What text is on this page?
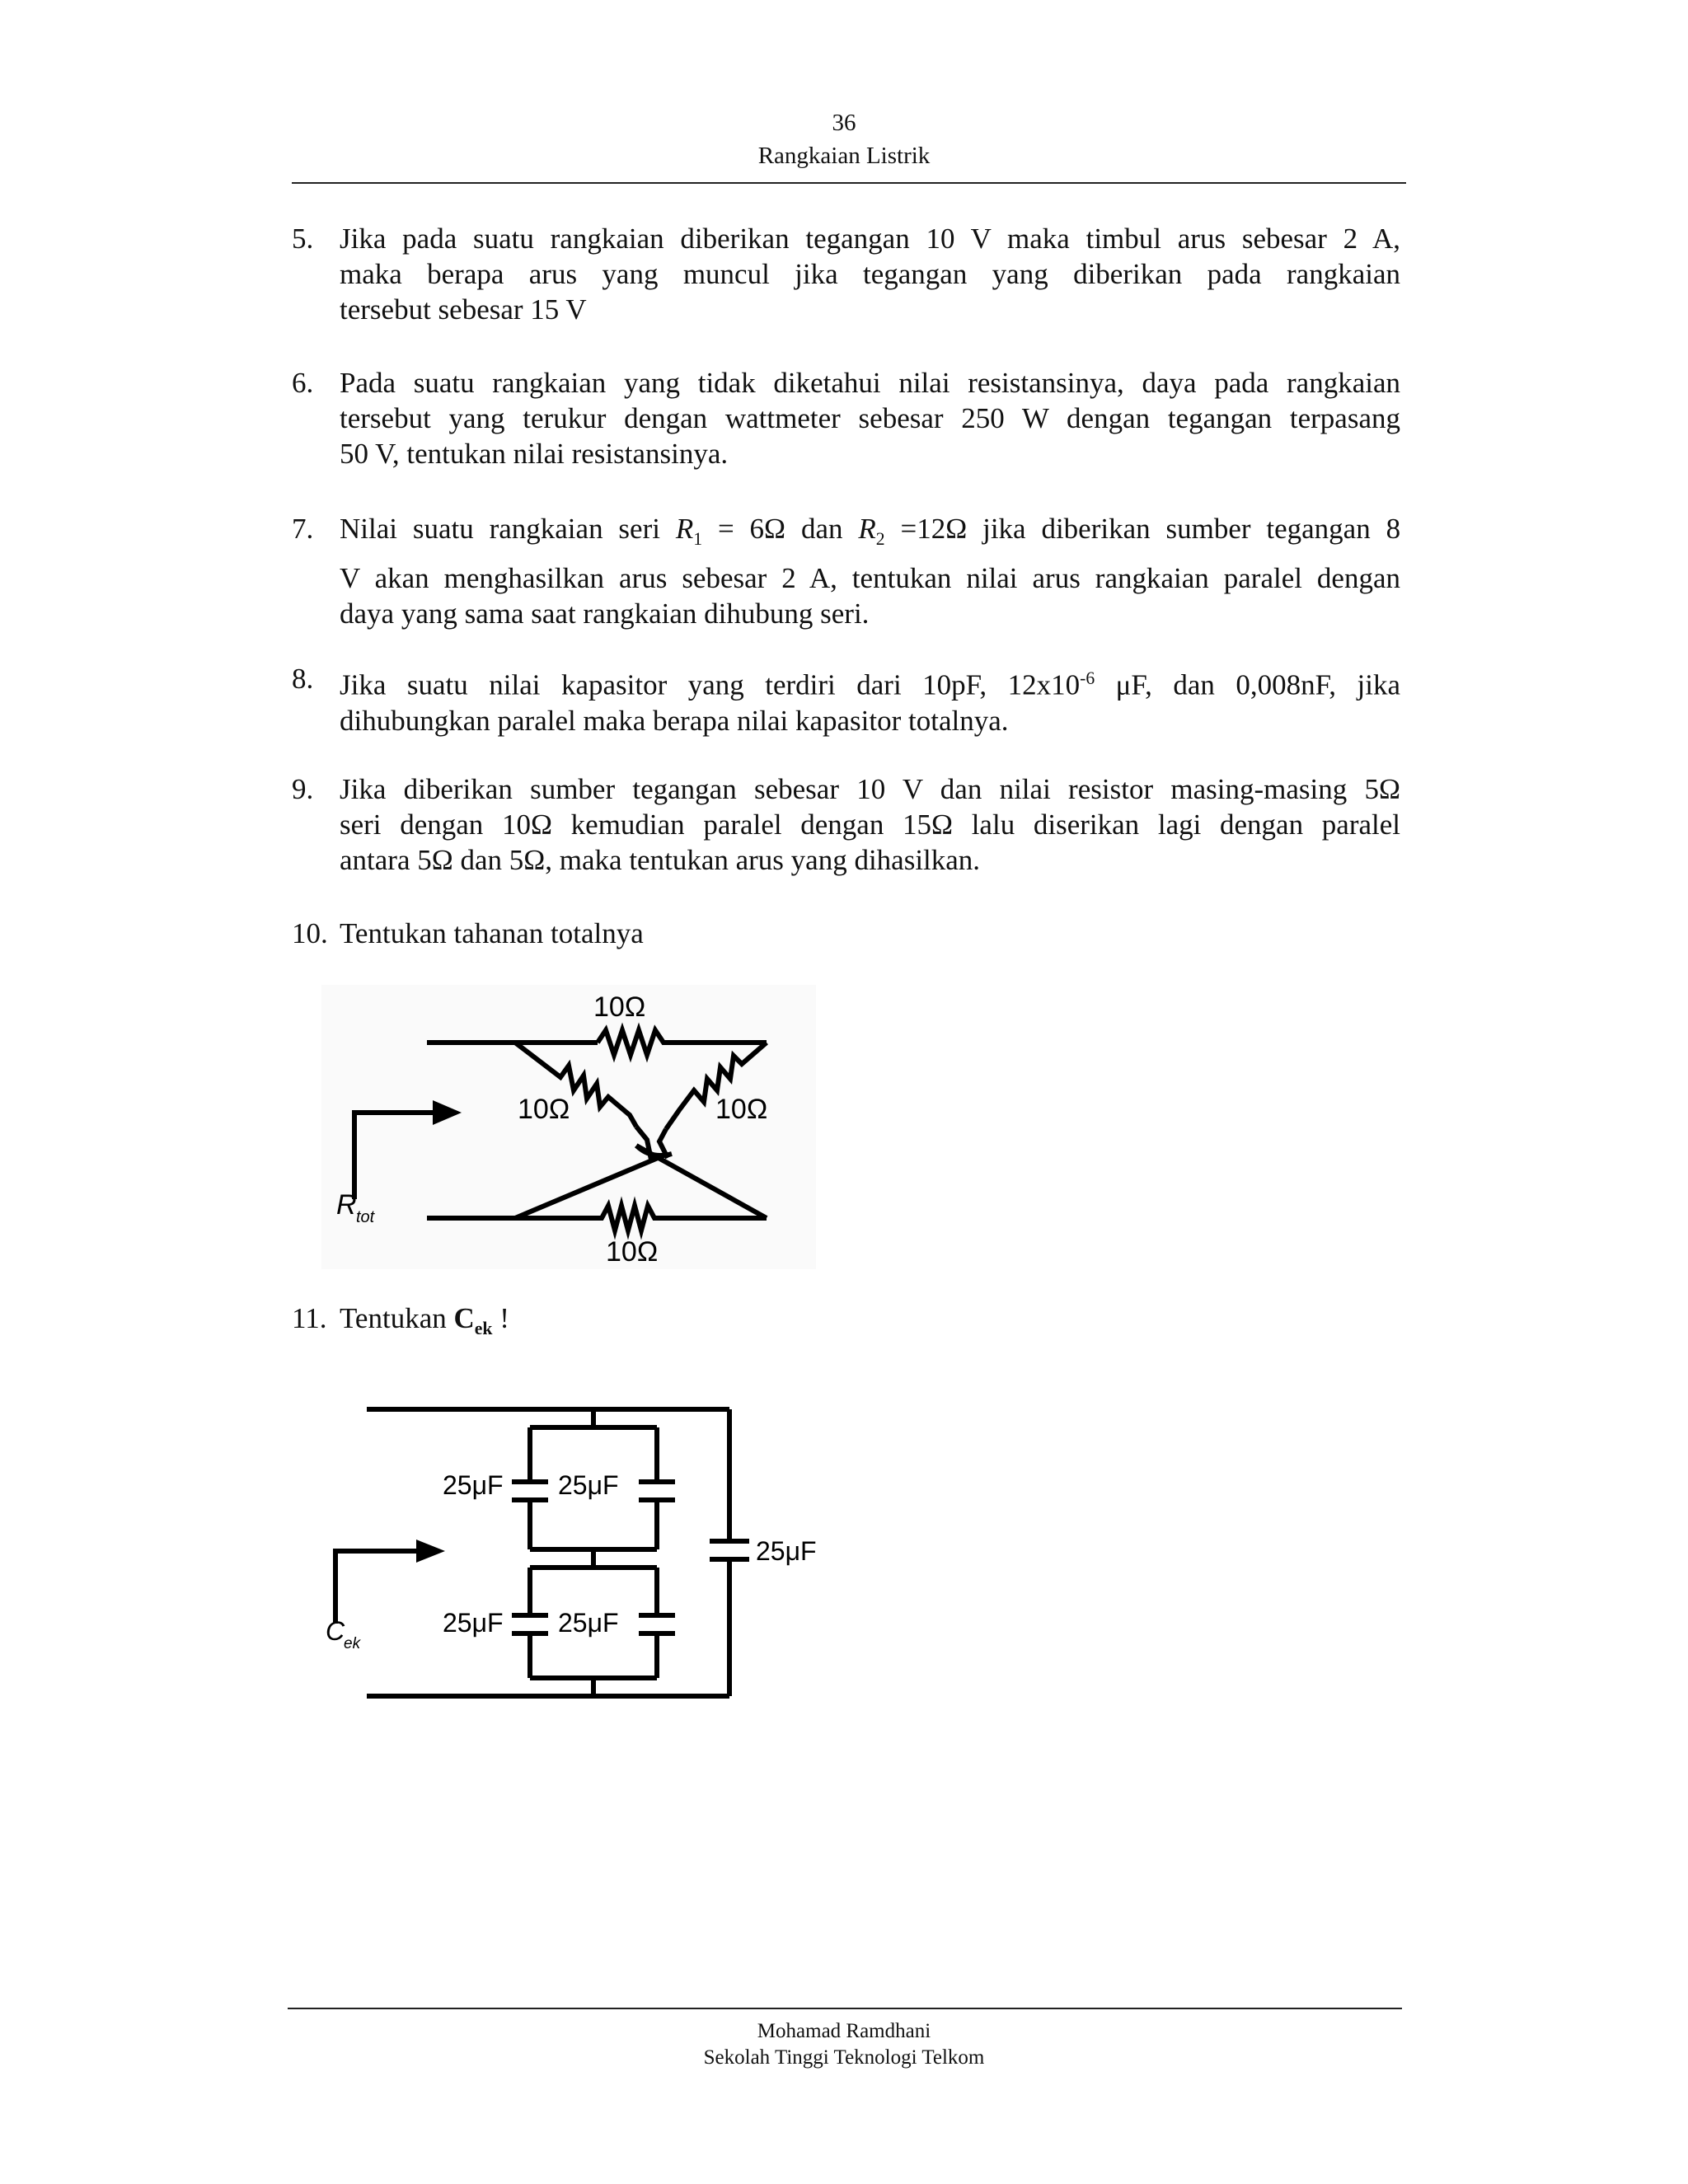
36
Rangkaian Listrik
5. Jika pada suatu rangkaian diberikan tegangan 10 V maka timbul arus sebesar 2 A,
maka berapa arus yang muncul jika tegangan yang diberikan pada rangkaian
tersebut sebesar 15 V
6. Pada suatu rangkaian yang tidak diketahui nilai resistansinya, daya pada rangkaian
tersebut yang terukur dengan wattmeter sebesar 250 W dengan tegangan terpasang
50 V, tentukan nilai resistansinya.
7. Nilai suatu rangkaian seri $R_1 = 6\Omega$ dan $R_2 =12\Omega$ jika diberikan sumber tegangan 8
V akan menghasilkan arus sebesar 2 A, tentukan nilai arus rangkaian paralel dengan
daya yang sama saat rangkaian dihubung seri.
8. Jika suatu nilai kapasitor yang terdiri dari 10pF, $12x10^{-6}$ μF, dan 0,008nF, jika
dihubungkan paralel maka berapa nilai kapasitor totalnya.
9. Jika diberikan sumber tegangan sebesar 10 V dan nilai resistor masing-masing 5Ω
seri dengan 10Ω kemudian paralel dengan 15Ω lalu diserikan lagi dengan paralel
antara 5Ω dan 5Ω, maka tentukan arus yang dihasilkan.
10. Tentukan tahanan totalnya
10Ω
10Ω	10Ω
10Ω
R tot
11. Tentukan $C_{ek}$ !
25μF 25μF
25μF 25μF
25μF
C
ek
Mohamad Ramdhani
Sekolah Tinggi Teknologi Telkom
